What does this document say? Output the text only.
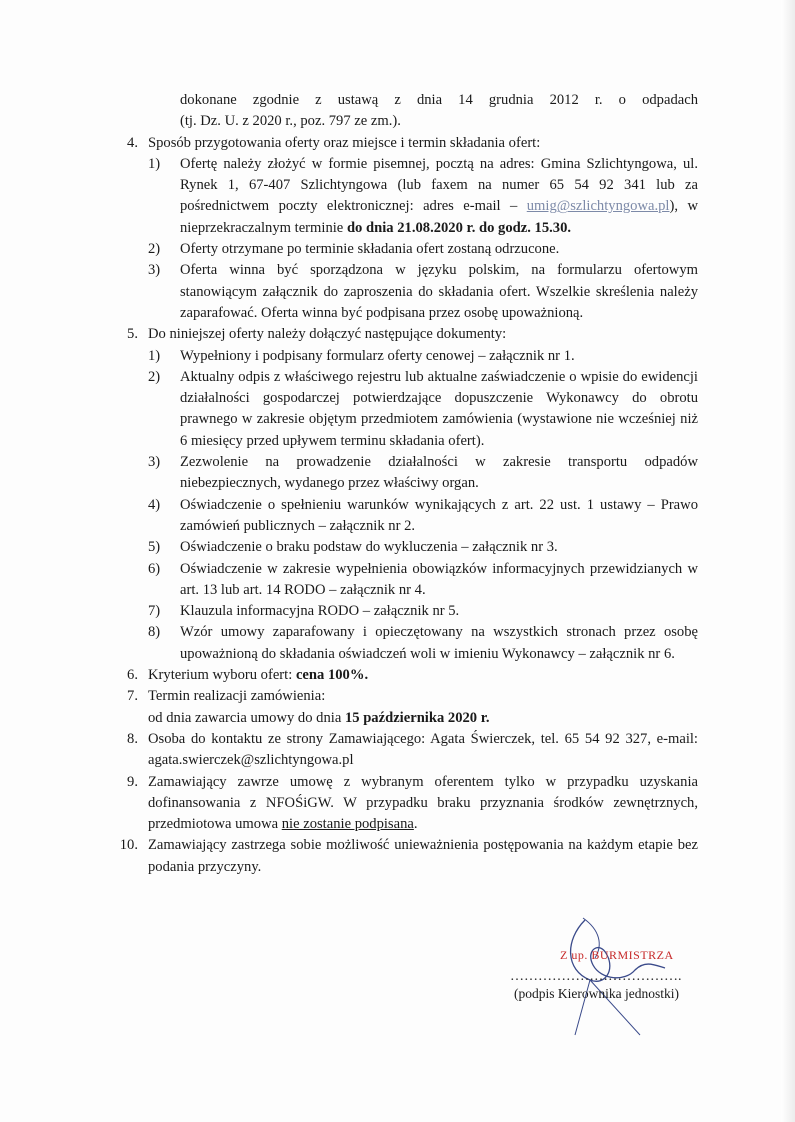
dokonane zgodnie z ustawą z dnia 14 grudnia 2012 r. o odpadach
(tj. Dz. U. z 2020 r., poz. 797 ze zm.).
4. Sposób przygotowania oferty oraz miejsce i termin składania ofert:
1)	Ofertę należy złożyć w formie pisemnej, pocztą na adres: Gmina Szlichtyngowa, ul. Rynek 1, 67-407 Szlichtyngowa (lub faxem na numer 65 54 92 341 lub za pośrednictwem poczty elektronicznej: adres e-mail – umig@szlichtyngowa.pl), w nieprzekraczalnym terminie do dnia 21.08.2020 r. do godz. 15.30.
2)	Oferty otrzymane po terminie składania ofert zostaną odrzucone.
3)	Oferta winna być sporządzona w języku polskim, na formularzu ofertowym stanowiącym załącznik do zaproszenia do składania ofert. Wszelkie skreślenia należy zaparafować. Oferta winna być podpisana przez osobę upoważnioną.
5. Do niniejszej oferty należy dołączyć następujące dokumenty:
1)	Wypełniony i podpisany formularz oferty cenowej – załącznik nr 1.
2)	Aktualny odpis z właściwego rejestru lub aktualne zaświadczenie o wpisie do ewidencji działalności gospodarczej potwierdzające dopuszczenie Wykonawcy do obrotu prawnego w zakresie objętym przedmiotem zamówienia (wystawione nie wcześniej niż 6 miesięcy przed upływem terminu składania ofert).
3)	Zezwolenie na prowadzenie działalności w zakresie transportu odpadów niebezpiecznych, wydanego przez właściwy organ.
4)	Oświadczenie o spełnieniu warunków wynikających z art. 22 ust. 1 ustawy – Prawo zamówień publicznych – załącznik nr 2.
5)	Oświadczenie o braku podstaw do wykluczenia – załącznik nr 3.
6)	Oświadczenie w zakresie wypełnienia obowiązków informacyjnych przewidzianych w art. 13 lub art. 14 RODO – załącznik nr 4.
7)	Klauzula informacyjna RODO – załącznik nr 5.
8)	Wzór umowy zaparafowany i opieczętowany na wszystkich stronach przez osobę upoważnioną do składania oświadczeń woli w imieniu Wykonawcy – załącznik nr 6.
6. Kryterium wyboru ofert: cena 100%.
7. Termin realizacji zamówienia:
od dnia zawarcia umowy do dnia 15 października 2020 r.
8. Osoba do kontaktu ze strony Zamawiającego: Agata Świerczek, tel. 65 54 92 327, e-mail: agata.swierczek@szlichtyngowa.pl
9. Zamawiający zawrze umowę z wybranym oferentem tylko w przypadku uzyskania dofinansowania z NFOŚiGW. W przypadku braku przyznania środków zewnętrznych, przedmiotowa umowa nie zostanie podpisana.
10. Zamawiający zastrzega sobie możliwość unieważnienia postępowania na każdym etapie bez podania przyczyny.
Z up. BURMISTRZA
……………………………….
(podpis Kierownika jednostki)
